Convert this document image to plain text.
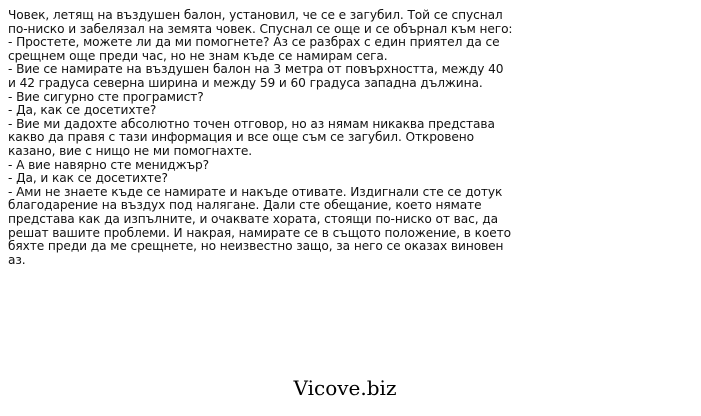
Човек, летящ на въздушен балон, установил, че се е загубил. Той се спуснал
по-ниско и забелязал на земята човек. Спуснал се още и се обърнал към него:
- Простете, можете ли да ми помогнете? Аз се разбрах с един приятел да се
срещнем още преди час, но не знам къде се намирам сега.
- Вие се намирате на въздушен балон на 3 метра от повърхността, между 40
и 42 градуса северна ширина и между 59 и 60 градуса западна дължина.
- Вие сигурно сте програмист?
- Да, как се досетихте?
- Вие ми дадохте абсолютно точен отговор, но аз нямам никаква представа
какво да правя с тази информация и все още съм се загубил. Откровено
казано, вие с нищо не ми помогнахте.
- А вие навярно сте мениджър?
- Да, и как се досетихте?
- Ами не знаете къде се намирате и накъде отивате. Издигнали сте се дотук
благодарение на въздух под налягане. Дали сте обещание, което нямате
представа как да изпълните, и очаквате хората, стоящи по-ниско от вас, да
решат вашите проблеми. И накрая, намирате се в същото положение, в което
бяхте преди да ме срещнете, но неизвестно защо, за него се оказах виновен
аз.
Vicove.biz
